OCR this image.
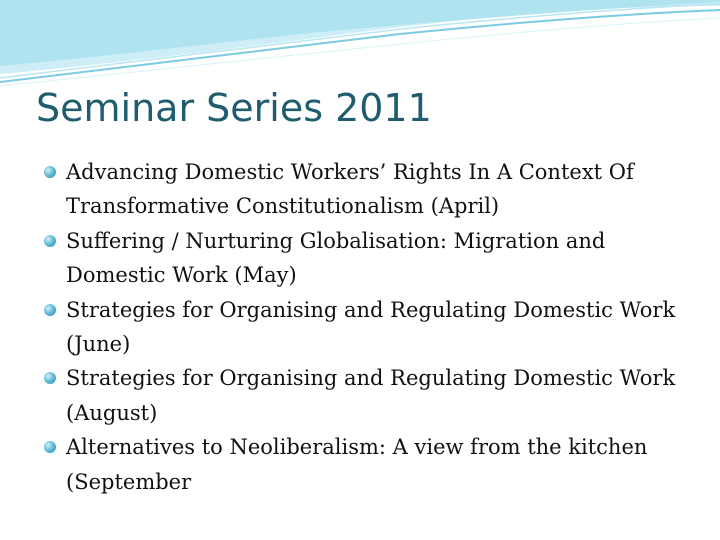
Seminar Series 2011
Advancing Domestic Workers’ Rights In A Context Of Transformative Constitutionalism (April)
Suffering / Nurturing Globalisation: Migration and Domestic Work (May)
Strategies for Organising and Regulating Domestic Work (June)
Strategies for Organising and Regulating Domestic Work (August)
Alternatives to Neoliberalism: A view from the kitchen (September
